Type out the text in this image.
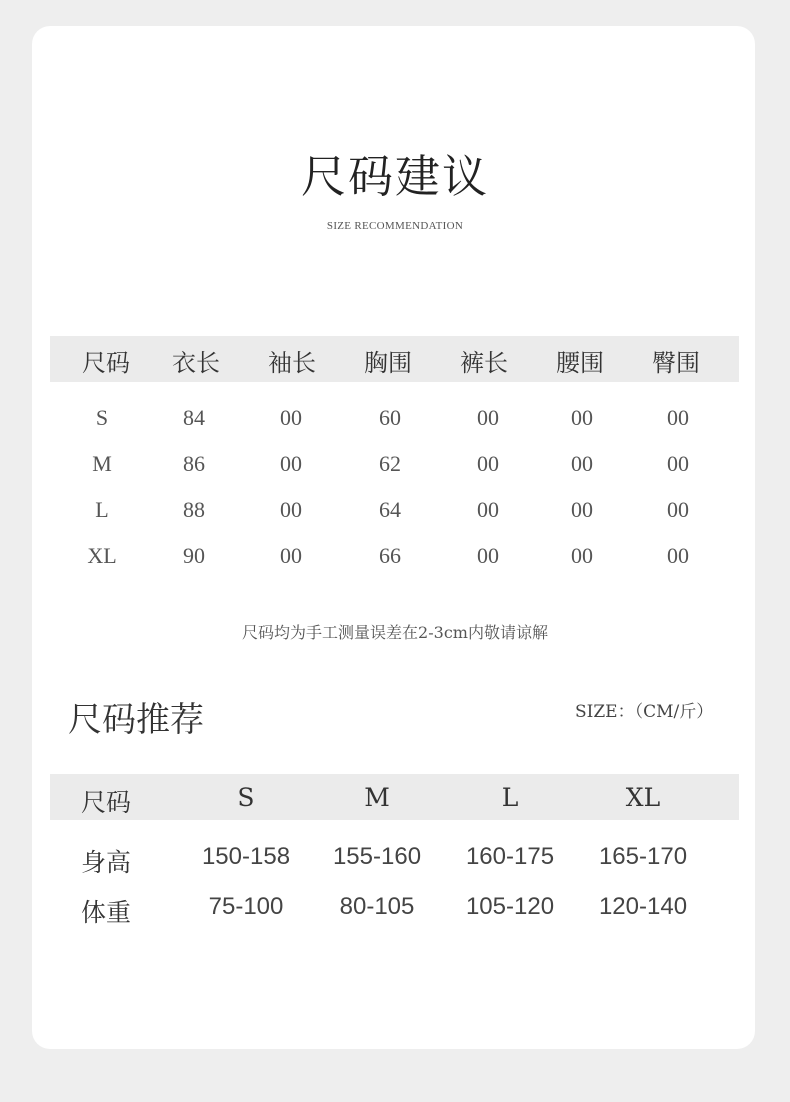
尺码建议
SIZE RECOMMENDATION
尺码 衣长 袖长 胸围 裤长 腰围 臀围
S	84	00	60	00	00	00
M	86	00	62	00	00	00
L	88	00	64	00	00	00
XL	90	00	66	00	00	00
尺码均为手工测量误差在2-3cm内敬请谅解
尺码推荐	SIZE：（CM/斤）
尺码	S	M	L	XL
身高	150-158 155-160 160-175 165-170
体重	75-100 80-105 105-120 120-140
